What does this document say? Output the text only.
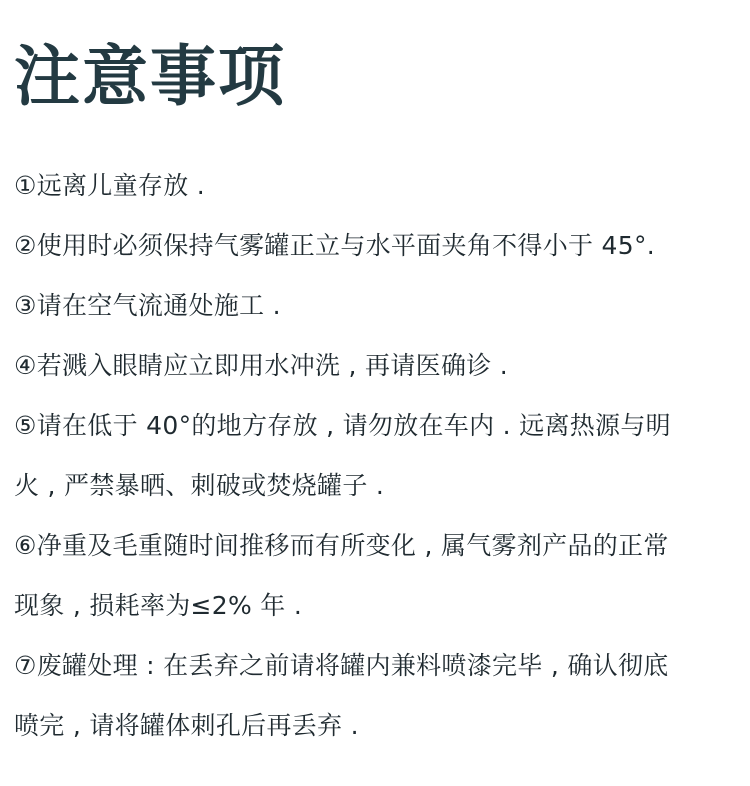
注意事项
①远离儿童存放 .
②使用时必须保持气雾罐正立与水平面夹角不得小于 45°.
③请在空气流通处施工 .
④若溅入眼睛应立即用水冲洗 , 再请医确诊 .
⑤请在低于 40°的地方存放 , 请勿放在车内 . 远离热源与明
火 , 严禁暴晒、刺破或焚烧罐子 .
⑥净重及毛重随时间推移而有所变化 , 属气雾剂产品的正常
现象 , 损耗率为≤2% 年 .
⑦废罐处理 : 在丢弃之前请将罐内兼料喷漆完毕 , 确认彻底
喷完 , 请将罐体刺孔后再丢弃 .
